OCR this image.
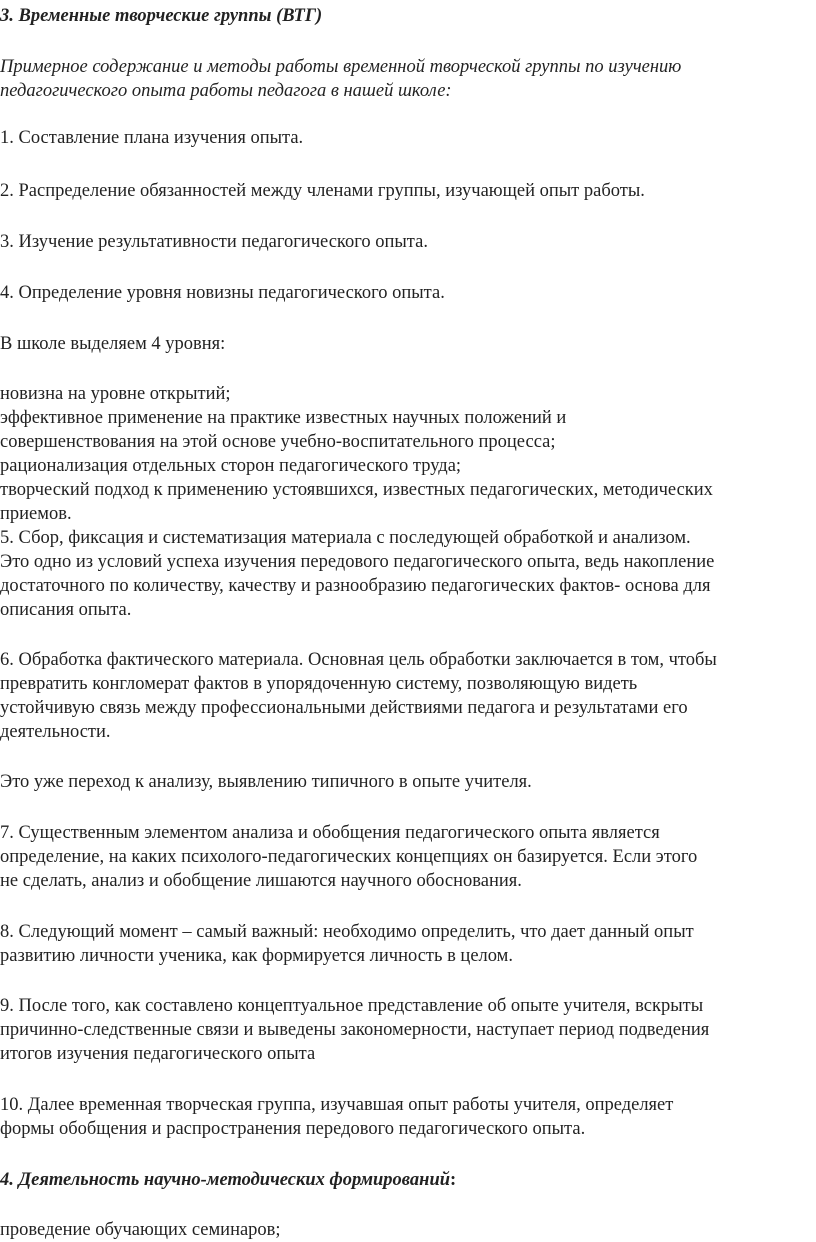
3. Временные творческие группы (ВТГ)
Примерное содержание и методы работы временной творческой группы по изучению
педагогического опыта работы педагога в нашей школе:
1. Составление плана изучения опыта.
2. Распределение обязанностей между членами группы, изучающей опыт работы.
3. Изучение результативности педагогического опыта.
4. Определение уровня новизны педагогического опыта.
В школе выделяем 4 уровня:
новизна на уровне открытий;
эффективное применение на практике известных научных положений и
совершенствования на этой основе учебно-воспитательного процесса;
рационализация отдельных сторон педагогического труда;
творческий подход к применению устоявшихся, известных педагогических, методических
приемов.
5. Сбор, фиксация и систематизация материала с последующей обработкой и анализом.
Это одно из условий успеха изучения передового педагогического опыта, ведь накопление
достаточного по количеству, качеству и разнообразию педагогических фактов- основа для
описания опыта.
6. Обработка фактического материала. Основная цель обработки заключается в том, чтобы
превратить конгломерат фактов в упорядоченную систему, позволяющую видеть
устойчивую связь между профессиональными действиями педагога и результатами его
деятельности.
Это уже переход к анализу, выявлению типичного в опыте учителя.
7. Существенным элементом анализа и обобщения педагогического опыта является
определение, на каких психолого-педагогических концепциях он базируется. Если этого
не сделать, анализ и обобщение лишаются научного обоснования.
8. Следующий момент – самый важный: необходимо определить, что дает данный опыт
развитию личности ученика, как формируется личность в целом.
9. После того, как составлено концептуальное представление об опыте учителя, вскрыты
причинно-следственные связи и выведены закономерности, наступает период подведения
итогов изучения педагогического опыта
10. Далее временная творческая группа, изучавшая опыт работы учителя, определяет
формы обобщения и распространения передового педагогического опыта.
4. Деятельность научно-методических формирований:
проведение обучающих семинаров;
